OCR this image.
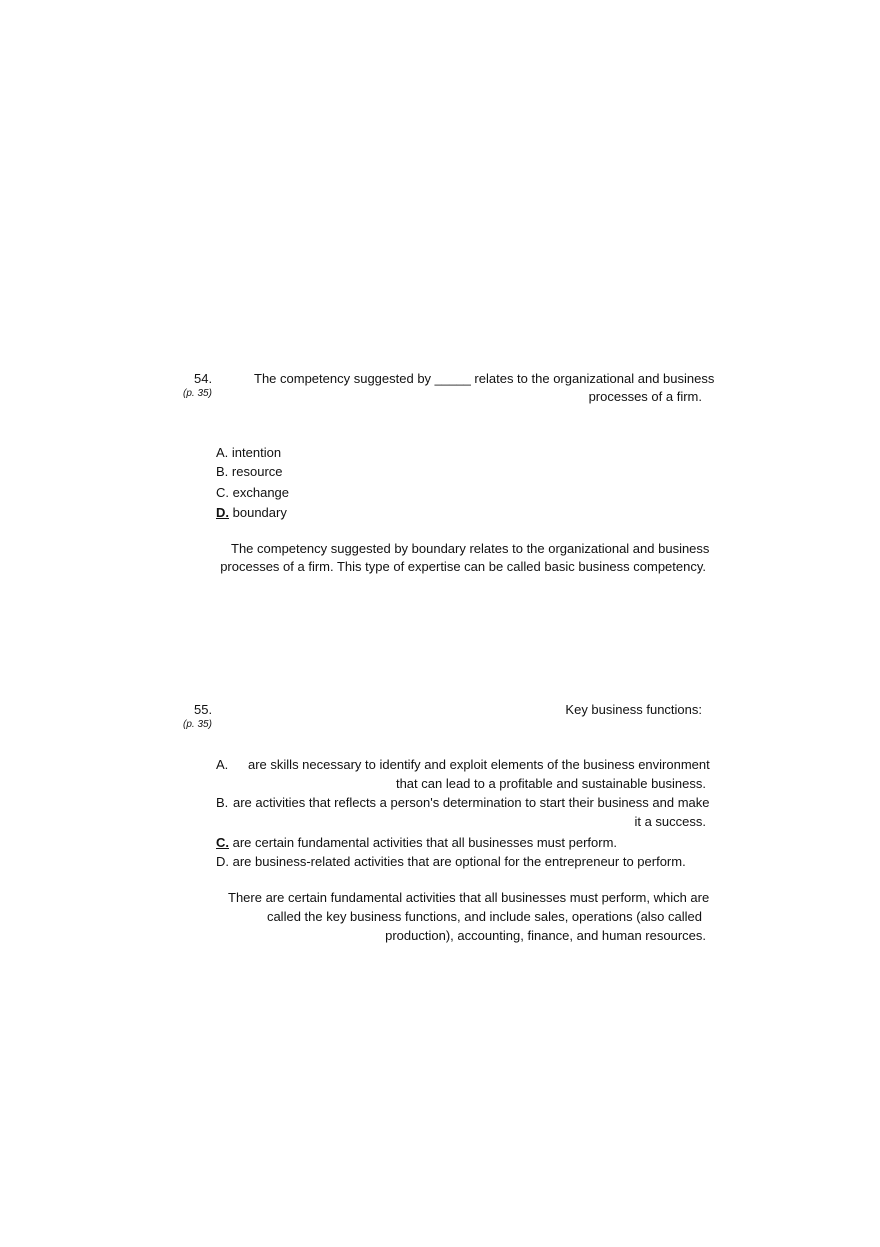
54.
(p. 35)
The competency suggested by _____ relates to the organizational and business
processes of a firm.
A. intention
B. resource
C. exchange
D. boundary
The competency suggested by boundary relates to the organizational and business
processes of a firm. This type of expertise can be called basic business competency.
55.
(p. 35)
Key business functions:
A. are skills necessary to identify and exploit elements of the business environment
that can lead to a profitable and sustainable business.
B. are activities that reflects a person's determination to start their business and make
it a success.
C. are certain fundamental activities that all businesses must perform.
D. are business-related activities that are optional for the entrepreneur to perform.
There are certain fundamental activities that all businesses must perform, which are
called the key business functions, and include sales, operations (also called
production), accounting, finance, and human resources.
